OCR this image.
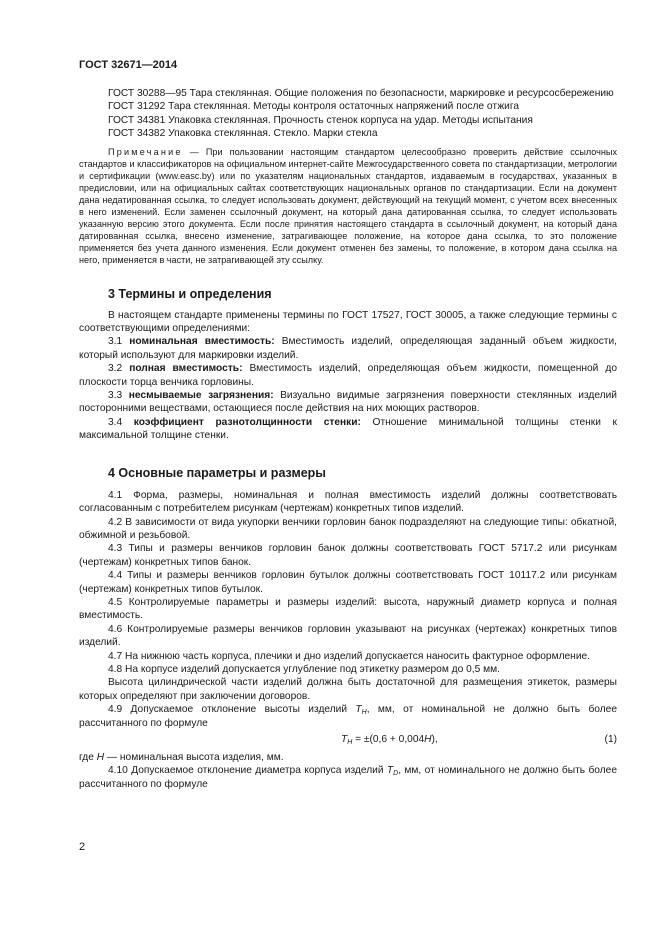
ГОСТ 32671—2014

ГОСТ 30288—95 Тара стеклянная. Общие положения по безопасности, маркировке и ресурсосбережению

ГОСТ 31292 Тара стеклянная. Методы контроля остаточных напряжений после отжига

ГОСТ 34381 Упаковка стеклянная. Прочность стенок корпуса на удар. Методы испытания

ГОСТ 34382 Упаковка стеклянная. Стекло. Марки стекла

Примечание — При пользовании настоящим стандартом целесообразно проверить действие ссылочных стандартов и классификаторов на официальном интернет-сайте Межгосударственного совета по стандартизации, метрологии и сертификации (www.easc.by) или по указателям национальных стандартов, издаваемым в государствах, указанных в предисловии, или на официальных сайтах соответствующих национальных органов по стандартизации. Если на документ дана недатированная ссылка, то следует использовать документ, действующий на текущий момент, с учетом всех внесенных в него изменений. Если заменен ссылочный документ, на который дана датированная ссылка, то следует использовать указанную версию этого документа. Если после принятия настоящего стандарта в ссылочный документ, на который дана датированная ссылка, внесено изменение, затрагивающее положение, на которое дана ссылка, то это положение применяется без учета данного изменения. Если документ отменен без замены, то положение, в котором дана ссылка на него, применяется в части, не затрагивающей эту ссылку.

3 Термины и определения

В настоящем стандарте применены термины по ГОСТ 17527, ГОСТ 30005, а также следующие термины с соответствующими определениями:

3.1 номинальная вместимость: Вместимость изделий, определяющая заданный объем жидкости, который используют для маркировки изделий.

3.2 полная вместимость: Вместимость изделий, определяющая объем жидкости, помещенной до плоскости торца венчика горловины.

3.3 несмываемые загрязнения: Визуально видимые загрязнения поверхности стеклянных изделий посторонними веществами, остающиеся после действия на них моющих растворов.

3.4 коэффициент разнотолщинности стенки: Отношение минимальной толщины стенки к максимальной толщине стенки.

4 Основные параметры и размеры

4.1 Форма, размеры, номинальная и полная вместимость изделий должны соответствовать согласованным с потребителем рисункам (чертежам) конкретных типов изделий.

4.2 В зависимости от вида укупорки венчики горловин банок подразделяют на следующие типы: обкатной, обжимной и резьбовой.

4.3 Типы и размеры венчиков горловин банок должны соответствовать ГОСТ 5717.2 или рисункам (чертежам) конкретных типов банок.

4.4 Типы и размеры венчиков горловин бутылок должны соответствовать ГОСТ 10117.2 или рисункам (чертежам) конкретных типов бутылок.

4.5 Контролируемые параметры и размеры изделий: высота, наружный диаметр корпуса и полная вместимость.

4.6 Контролируемые размеры венчиков горловин указывают на рисунках (чертежах) конкретных типов изделий.

4.7 На нижнюю часть корпуса, плечики и дно изделий допускается наносить фактурное оформление.

4.8 На корпусе изделий допускается углубление под этикетку размером до 0,5 мм.

Высота цилиндрической части изделий должна быть достаточной для размещения этикеток, размеры которых определяют при заключении договоров.

4.9 Допускаемое отклонение высоты изделий $T_H$, мм, от номинальной не должно быть более рассчитанного по формуле

$T_H = \pm(0,6 + 0,004H)$,	(1)

где H — номинальная высота изделия, мм.

4.10 Допускаемое отклонение диаметра корпуса изделий $T_D$, мм, от номинального не должно быть более рассчитанного по формуле

2
